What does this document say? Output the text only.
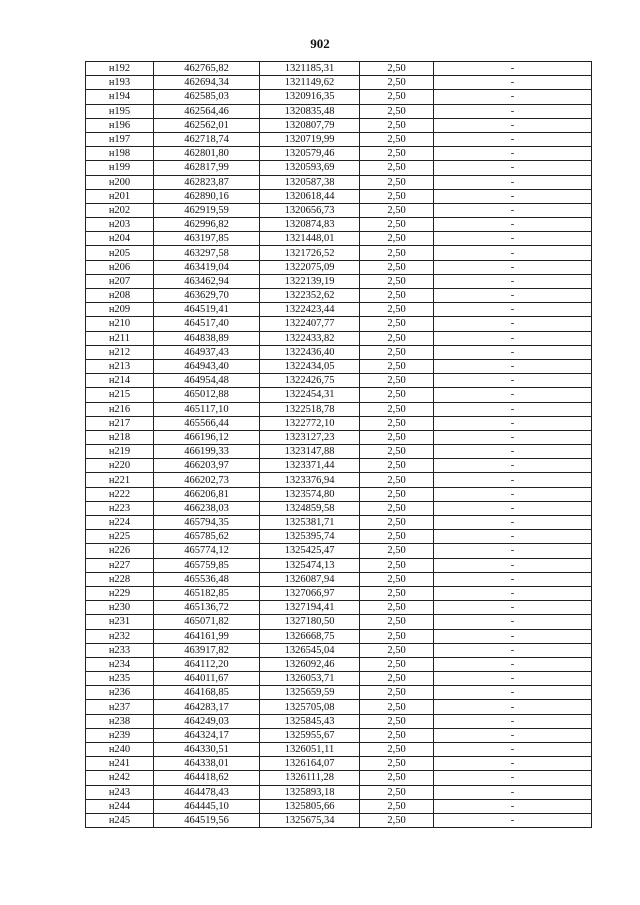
902
н192	462765,82	1321185,31	2,50	-
н193	462694,34	1321149,62	2,50	-
н194	462585,03	1320916,35	2,50	-
н195	462564,46	1320835,48	2,50	-
н196	462562,01	1320807,79	2,50	-
н197	462718,74	1320719,99	2,50	-
н198	462801,80	1320579,46	2,50	-
н199	462817,99	1320593,69	2,50	-
н200	462823,87	1320587,38	2,50	-
н201	462890,16	1320618,44	2,50	-
н202	462919,59	1320656,73	2,50	-
н203	462996,82	1320874,83	2,50	-
н204	463197,85	1321448,01	2,50	-
н205	463297,58	1321726,52	2,50	-
н206	463419,04	1322075,09	2,50	-
н207	463462,94	1322139,19	2,50	-
н208	463629,70	1322352,62	2,50	-
н209	464519,41	1322423,44	2,50	-
н210	464517,40	1322407,77	2,50	-
н211	464838,89	1322433,82	2,50	-
н212	464937,43	1322436,40	2,50	-
н213	464943,40	1322434,05	2,50	-
н214	464954,48	1322426,75	2,50	-
н215	465012,88	1322454,31	2,50	-
н216	465117,10	1322518,78	2,50	-
н217	465566,44	1322772,10	2,50	-
н218	466196,12	1323127,23	2,50	-
н219	466199,33	1323147,88	2,50	-
н220	466203,97	1323371,44	2,50	-
н221	466202,73	1323376,94	2,50	-
н222	466206,81	1323574,80	2,50	-
н223	466238,03	1324859,58	2,50	-
н224	465794,35	1325381,71	2,50	-
н225	465785,62	1325395,74	2,50	-
н226	465774,12	1325425,47	2,50	-
н227	465759,85	1325474,13	2,50	-
н228	465536,48	1326087,94	2,50	-
н229	465182,85	1327066,97	2,50	-
н230	465136,72	1327194,41	2,50	-
н231	465071,82	1327180,50	2,50	-
н232	464161,99	1326668,75	2,50	-
н233	463917,82	1326545,04	2,50	-
н234	464112,20	1326092,46	2,50	-
н235	464011,67	1326053,71	2,50	-
н236	464168,85	1325659,59	2,50	-
н237	464283,17	1325705,08	2,50	-
н238	464249,03	1325845,43	2,50	-
н239	464324,17	1325955,67	2,50	-
н240	464330,51	1326051,11	2,50	-
н241	464338,01	1326164,07	2,50	-
н242	464418,62	1326111,28	2,50	-
н243	464478,43	1325893,18	2,50	-
н244	464445,10	1325805,66	2,50	-
н245	464519,56	1325675,34	2,50	-
